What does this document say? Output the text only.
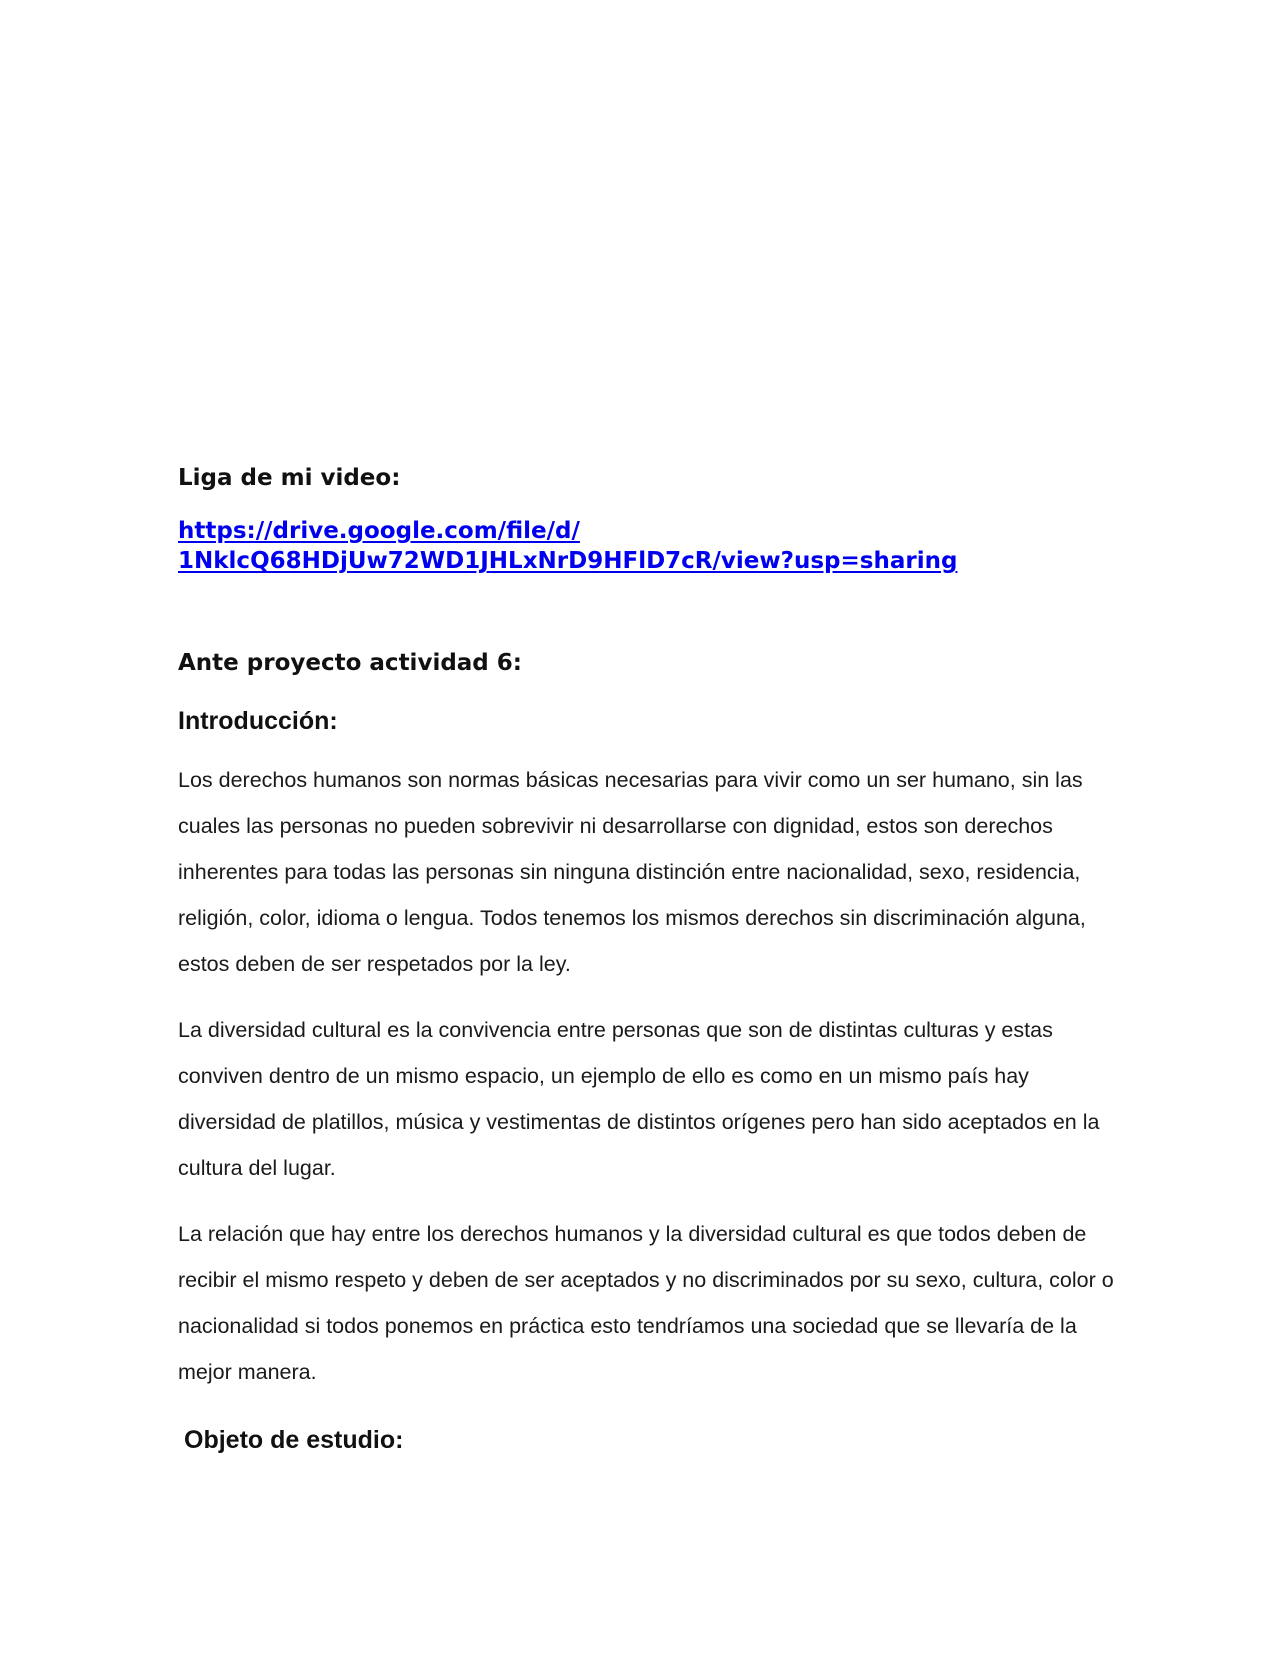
Liga de mi video:

https://drive.google.com/file/d/
1NklcQ68HDjUw72WD1JHLxNrD9HFlD7cR/view?usp=sharing

Ante proyecto actividad 6:

Introducción:

Los derechos humanos son normas básicas necesarias para vivir como un ser humano, sin las cuales las personas no pueden sobrevivir ni desarrollarse con dignidad, estos son derechos inherentes para todas las personas sin ninguna distinción entre nacionalidad, sexo, residencia, religión, color, idioma o lengua. Todos tenemos los mismos derechos sin discriminación alguna, estos deben de ser respetados por la ley.

La diversidad cultural es la convivencia entre personas que son de distintas culturas y estas conviven dentro de un mismo espacio, un ejemplo de ello es como en un mismo país hay diversidad de platillos, música y vestimentas de distintos orígenes pero han sido aceptados en la cultura del lugar.

La relación que hay entre los derechos humanos y la diversidad cultural es que todos deben de recibir el mismo respeto y deben de ser aceptados y no discriminados por su sexo, cultura, color o nacionalidad si todos ponemos en práctica esto tendríamos una sociedad que se llevaría de la mejor manera.

Objeto de estudio:
